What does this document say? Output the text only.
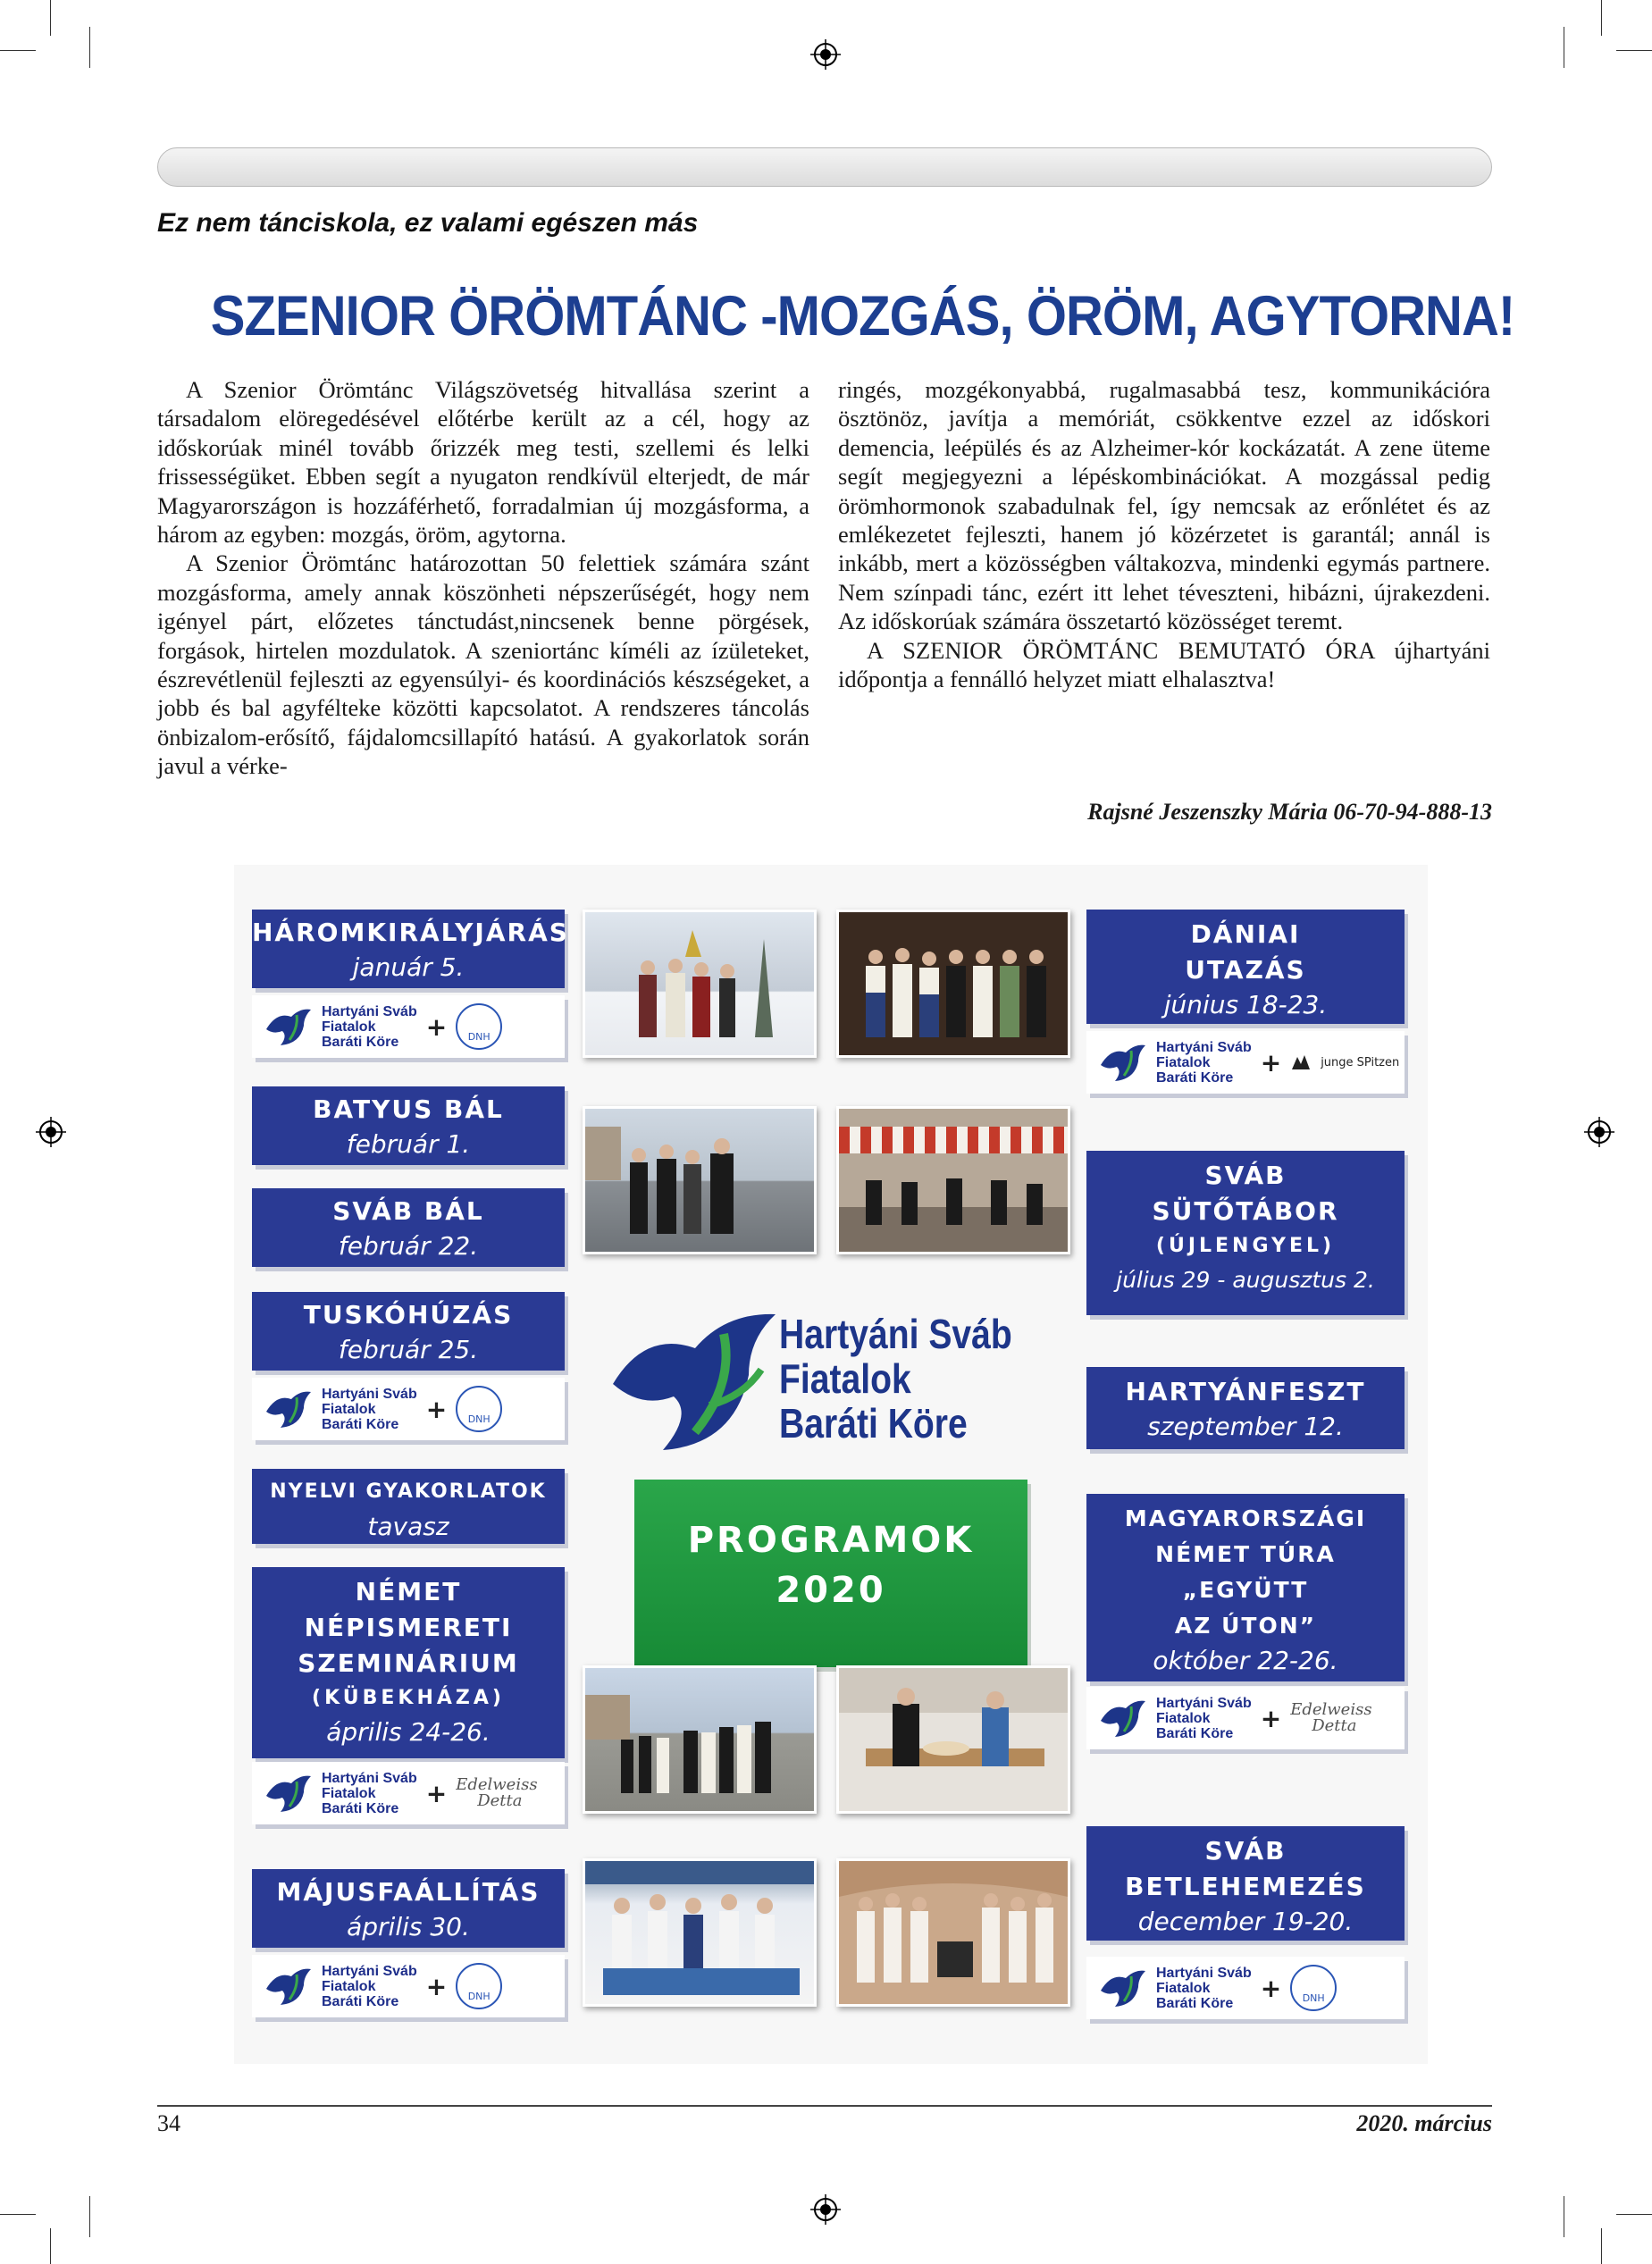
Ez nem tánciskola, ez valami egészen más
SZENIOR ÖRÖMTÁNC -MOZGÁS, ÖRÖM, AGYTORNA!

A Szenior Örömtánc Világszövetség hitvallása szerint a társadalom elöregedésével előtérbe került az a cél, hogy az időskorúak minél tovább őrizzék meg testi, szellemi és lelki frissességüket. Ebben segít a nyugaton rendkívül elterjedt, de már Magyarországon is hozzáférhető, forradalmian új mozgásforma, a három az egyben: mozgás, öröm, agytorna.

A Szenior Örömtánc határozottan 50 felettiek számára szánt mozgásforma, amely annak köszönheti népszerűségét, hogy nem igényel párt, előzetes tánctudást,nincsenek benne pörgések, forgások, hirtelen mozdulatok. A szeniortánc kíméli az ízületeket, észrevétlenül fejleszti az egyensúlyi- és koordinációs készségeket, a jobb és bal agyfélteke közötti kapcsolatot. A rendszeres táncolás önbizalom-erősítő, fájdalomcsillapító hatású. A gyakorlatok során javul a vérke-

ringés, mozgékonyabbá, rugalmasabbá tesz, kommunikációra ösztönöz, javítja a memóriát, csökkentve ezzel az időskori demencia, leépülés és az Alzheimer-kór kockázatát. A zene üteme segít megjegyezni a lépéskombinációkat. A mozgással pedig örömhormonok szabadulnak fel, így nemcsak az erőnlétet és az emlékezetet fejleszti, hanem jó közérzetet is garantál; annál is inkább, mert a közösségben váltakozva, mindenki egymás partnere. Nem színpadi tánc, ezért itt lehet téveszteni, hibázni, újrakezdeni. Az időskorúak számára összetartó közösséget teremt.

A SZENIOR ÖRÖMTÁNC BEMUTATÓ ÓRA újhartyáni időpontja a fennálló helyzet miatt elhalasztva!

Rajsné Jeszenszky Mária 06-70-94-888-13
HÁROMKIRÁLYJÁRÁS
január 5.
Hartyáni Sváb
Fiatalok
Baráti Köre
+	DNH
BATYUS BÁL
február 1.
SVÁB BÁL
február 22.
TUSKÓHÚZÁS
február 25.
Hartyáni Sváb
Fiatalok
Baráti Köre
+	DNH
NYELVI GYAKORLATOK
tavasz
NÉMET
NÉPISMERETI
SZEMINÁRIUM
(KÜBEKHÁZA)
április 24-26.
Hartyáni Sváb
Fiatalok
Baráti Köre
+ Edelweiss
Detta
MÁJUSFAÁLLÍTÁS
április 30.
Hartyáni Sváb
Fiatalok
Baráti Köre
+	DNH
Hartyáni Sváb
Fiatalok
Baráti Köre
PROGRAMOK
2020
DÁNIAI
UTAZÁS
június 18-23.
Hartyáni Sváb
Fiatalok
Baráti Köre
+	junge SPitzen
SVÁB
SÜTŐTÁBOR
(ÚJLENGYEL)
július 29 - augusztus 2.
HARTYÁNFESZT
szeptember 12.
MAGYARORSZÁGI
NÉMET TÚRA
„EGYÜTT
AZ ÚTON”
október 22-26.
Hartyáni Sváb
Fiatalok
Baráti Köre
+ Edelweiss
Detta
SVÁB
BETLEHEMEZÉS
december 19-20.
Hartyáni Sváb
Fiatalok
Baráti Köre
+	DNH
34	2020. március
